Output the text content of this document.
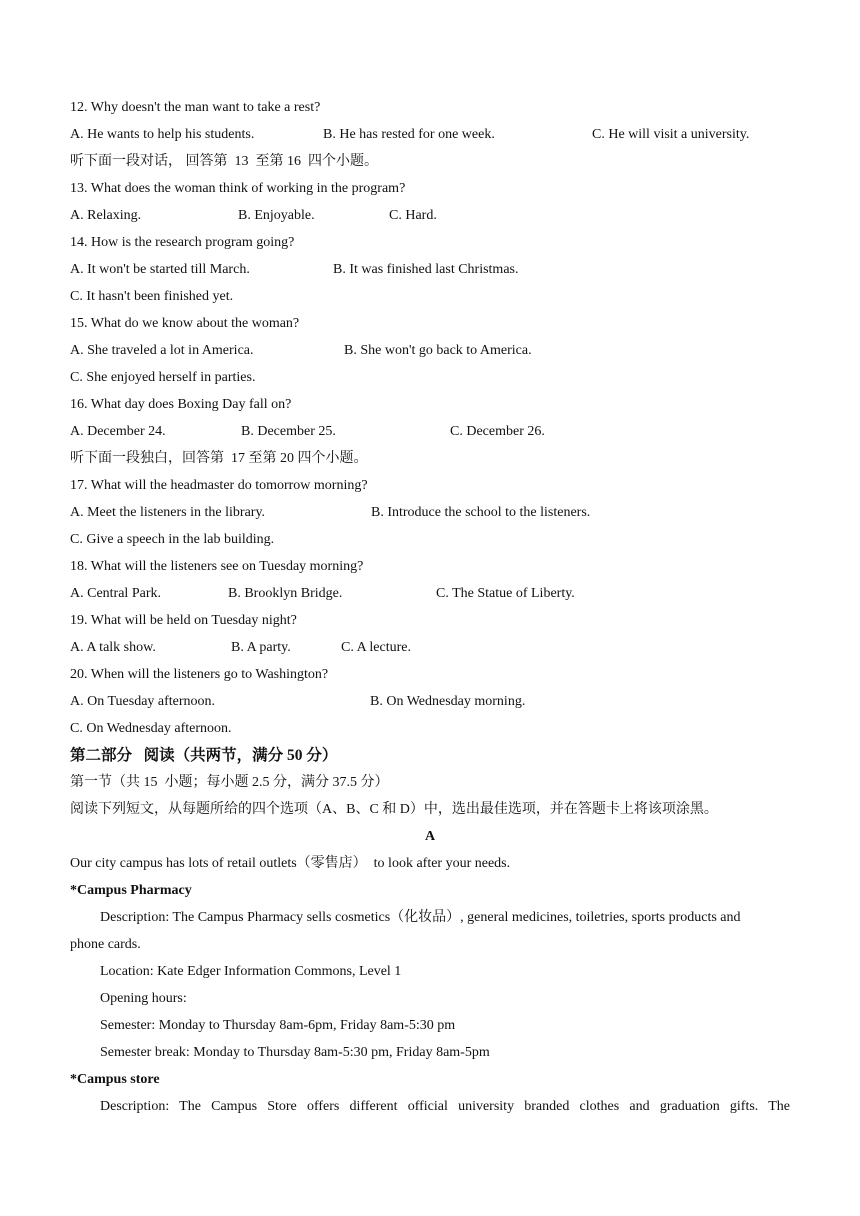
12. Why doesn't the man want to take a rest?
A. He wants to help his students.	B. He has rested for one week.	C. He will visit a university.
听下面一段对话， 回答第  13  至第 16  四个小题。
13. What does the woman think of working in the program?
A. Relaxing.	B. Enjoyable.	C. Hard.
14. How is the research program going?
A. It won't be started till March.	B. It was finished last Christmas.
C. It hasn't been finished yet.
15. What do we know about the woman?
A. She traveled a lot in America.	B. She won't go back to America.
C. She enjoyed herself in parties.
16. What day does Boxing Day fall on?
A. December 24.	B. December 25.	C. December 26.
听下面一段独白，回答第  17 至第 20 四个小题。
17. What will the headmaster do tomorrow morning?
A. Meet the listeners in the library.	B. Introduce the school to the listeners.
C. Give a speech in the lab building.
18. What will the listeners see on Tuesday morning?
A. Central Park.	B. Brooklyn Bridge.	C. The Statue of Liberty.
19. What will be held on Tuesday night?
A. A talk show.	B. A party.	C. A lecture.
20. When will the listeners go to Washington?
A. On Tuesday afternoon.	B. On Wednesday morning.
C. On Wednesday afternoon.
第二部分   阅读（共两节，满分 50 分）
第一节（共 15  小题；每小题 2.5 分，满分 37.5 分）
阅读下列短文，从每题所给的四个选项（A、B、C 和 D）中，选出最佳选项，并在答题卡上将该项涂黑。
A
Our city campus has lots of retail outlets（零售店）  to look after your needs.
*Campus Pharmacy
Description: The Campus Pharmacy sells cosmetics（化妆品）, general medicines, toiletries, sports products and
phone cards.
Location: Kate Edger Information Commons, Level 1
Opening hours:
Semester: Monday to Thursday 8am-6pm, Friday 8am-5:30 pm
Semester break: Monday to Thursday 8am-5:30 pm, Friday 8am-5pm
*Campus store
Description: The Campus Store offers different official university branded clothes and graduation gifts. The
